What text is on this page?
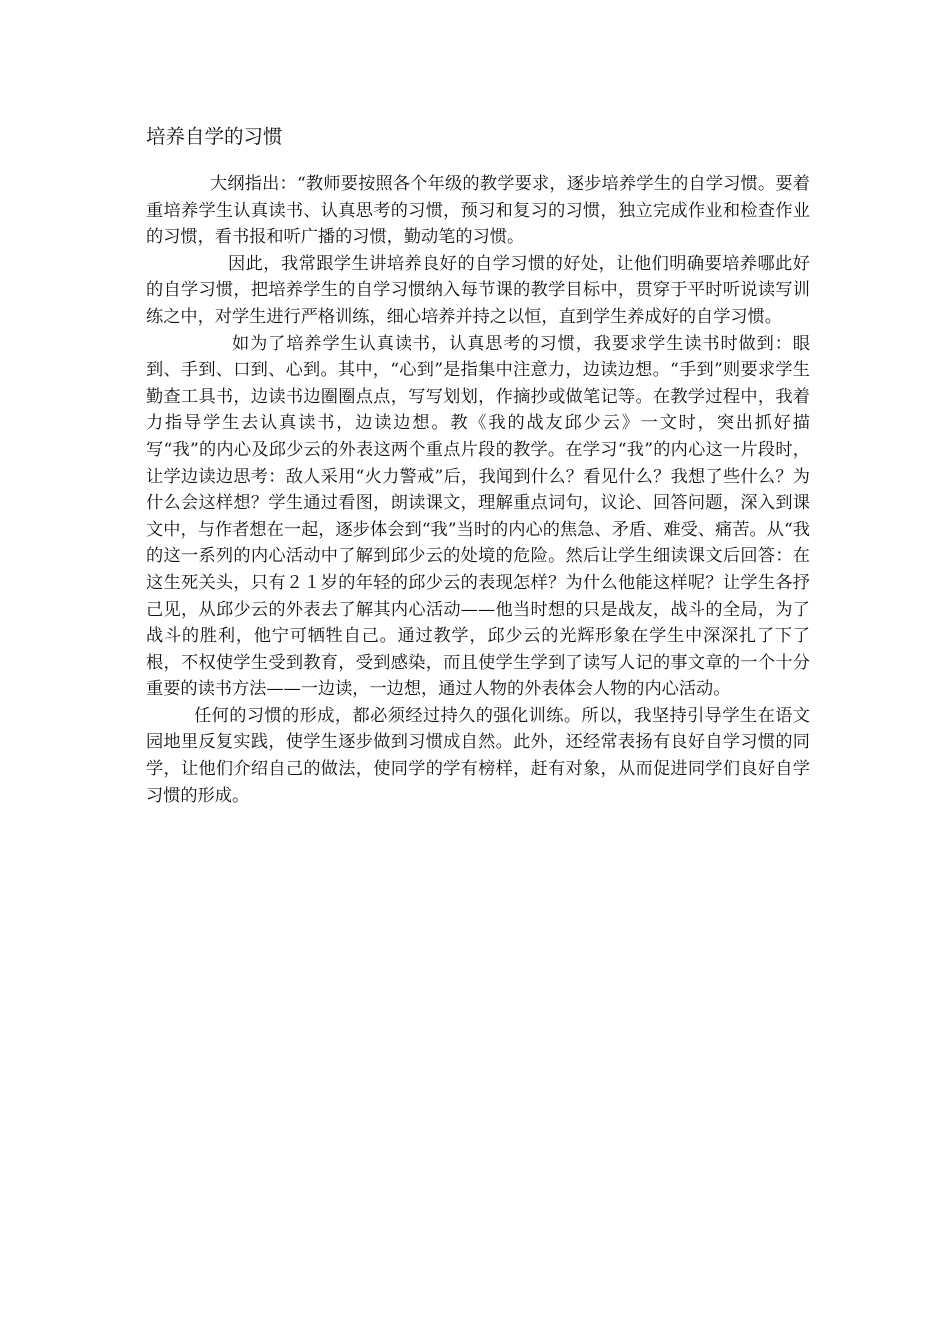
培养自学的习惯

大纲指出：“教师要按照各个年级的教学要求，逐步培养学生的自学习惯。要着重培养学生认真读书、认真思考的习惯，预习和复习的习惯，独立完成作业和检查作业的习惯，看书报和听广播的习惯，勤动笔的习惯。

因此，我常跟学生讲培养良好的自学习惯的好处，让他们明确要培养哪此好的自学习惯，把培养学生的自学习惯纳入每节课的教学目标中，贯穿于平时听说读写训练之中，对学生进行严格训练，细心培养并持之以恒，直到学生养成好的自学习惯。

如为了培养学生认真读书，认真思考的习惯，我要求学生读书时做到：眼到、手到、口到、心到。其中，“心到”是指集中注意力，边读边想。“手到”则要求学生勤查工具书，边读书边圈圈点点，写写划划，作摘抄或做笔记等。在教学过程中，我着力指导学生去认真读书，边读边想。教《我的战友邱少云》一文时，突出抓好描写“我”的内心及邱少云的外表这两个重点片段的教学。在学习“我”的内心这一片段时，让学边读边思考：敌人采用“火力警戒”后，我闻到什么？看见什么？我想了些什么？为什么会这样想？学生通过看图，朗读课文，理解重点词句，议论、回答问题，深入到课文中，与作者想在一起，逐步体会到“我”当时的内心的焦急、矛盾、难受、痛苦。从“我的这一系列的内心活动中了解到邱少云的处境的危险。然后让学生细读课文后回答：在这生死关头，只有２１岁的年轻的邱少云的表现怎样？为什么他能这样呢？让学生各抒己见，从邱少云的外表去了解其内心活动——他当时想的只是战友，战斗的全局，为了战斗的胜利，他宁可牺牲自己。通过教学，邱少云的光辉形象在学生中深深扎了下了根，不权使学生受到教育，受到感染，而且使学生学到了读写人记的事文章的一个十分重要的读书方法——一边读，一边想，通过人物的外表体会人物的内心活动。

任何的习惯的形成，都必须经过持久的强化训练。所以，我坚持引导学生在语文园地里反复实践，使学生逐步做到习惯成自然。此外，还经常表扬有良好自学习惯的同学，让他们介绍自己的做法，使同学的学有榜样，赶有对象，从而促进同学们良好自学习惯的形成。
